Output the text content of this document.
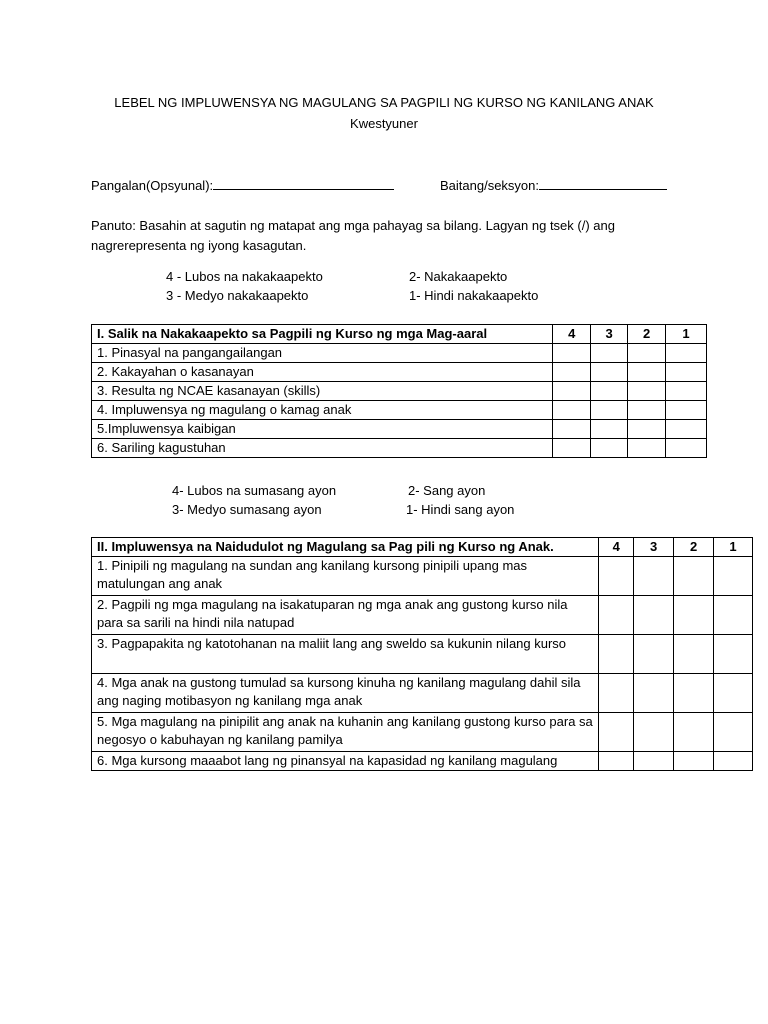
LEBEL NG IMPLUWENSYA NG MAGULANG SA PAGPILI NG KURSO NG KANILANG ANAK
Kwestyuner
Pangalan(Opsyunal):	Baitang/seksyon:
Panuto: Basahin at sagutin ng matapat ang mga pahayag sa bilang. Lagyan ng tsek (/) ang
nagrerepresenta ng iyong kasagutan.
4 - Lubos na nakakaapekto	2- Nakakaapekto
3 - Medyo nakakaapekto	1- Hindi nakakaapekto
I. Salik na Nakakaapekto sa Pagpili ng Kurso ng mga Mag-aaral	4	3	2	1
1. Pinasyal na pangangailangan				
2. Kakayahan o kasanayan				
3. Resulta ng NCAE kasanayan (skills)				
4. Impluwensya ng magulang o kamag anak				
5.Impluwensya kaibigan				
6. Sariling kagustuhan				
4- Lubos na sumasang ayon	2- Sang ayon
3- Medyo sumasang ayon	1- Hindi sang ayon
II. Impluwensya na Naidudulot ng Magulang sa Pag pili ng Kurso ng Anak.	4	3	2	1
1. Pinipili ng magulang na sundan ang kanilang kursong pinipili upang mas matulungan ang anak				
2. Pagpili ng mga magulang na isakatuparan ng mga anak ang gustong kurso nila para sa sarili na hindi nila natupad				
3. Pagpapakita ng katotohanan na maliit lang ang sweldo sa kukunin nilang kurso				
4. Mga anak na gustong tumulad sa kursong kinuha ng kanilang magulang dahil sila ang naging motibasyon ng kanilang mga anak				
5. Mga magulang na pinipilit ang anak na kuhanin ang kanilang gustong kurso para sa negosyo o kabuhayan ng kanilang pamilya				
6. Mga kursong maaabot lang ng pinansyal na kapasidad ng kanilang magulang				
